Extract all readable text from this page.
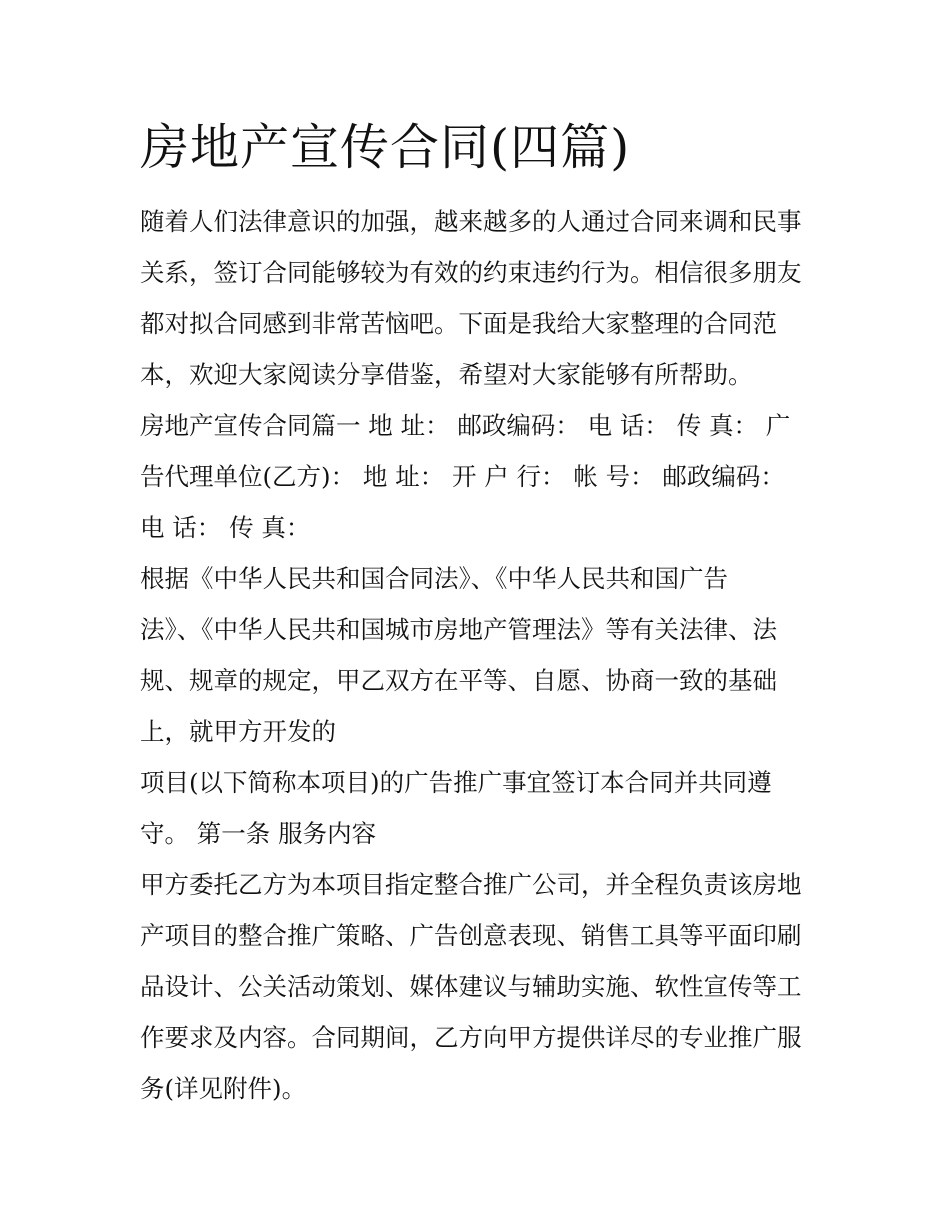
房地产宣传合同(四篇)

随着人们法律意识的加强，越来越多的人通过合同来调和民事

关系，签订合同能够较为有效的约束违约行为。相信很多朋友

都对拟合同感到非常苦恼吧。下面是我给大家整理的合同范

本，欢迎大家阅读分享借鉴，希望对大家能够有所帮助。

房地产宣传合同篇一 地 址： 邮政编码： 电 话： 传 真： 广

告代理单位(乙方)： 地 址： 开 户 行： 帐 号： 邮政编码：

电 话： 传 真：

根据《中华人民共和国合同法》、《中华人民共和国广告

法》、《中华人民共和国城市房地产管理法》等有关法律、法

规、规章的规定，甲乙双方在平等、自愿、协商一致的基础

上，就甲方开发的

项目(以下简称本项目)的广告推广事宜签订本合同并共同遵

守。 第一条 服务内容

甲方委托乙方为本项目指定整合推广公司，并全程负责该房地

产项目的整合推广策略、广告创意表现、销售工具等平面印刷

品设计、公关活动策划、媒体建议与辅助实施、软性宣传等工

作要求及内容。合同期间，乙方向甲方提供详尽的专业推广服

务(详见附件)。
